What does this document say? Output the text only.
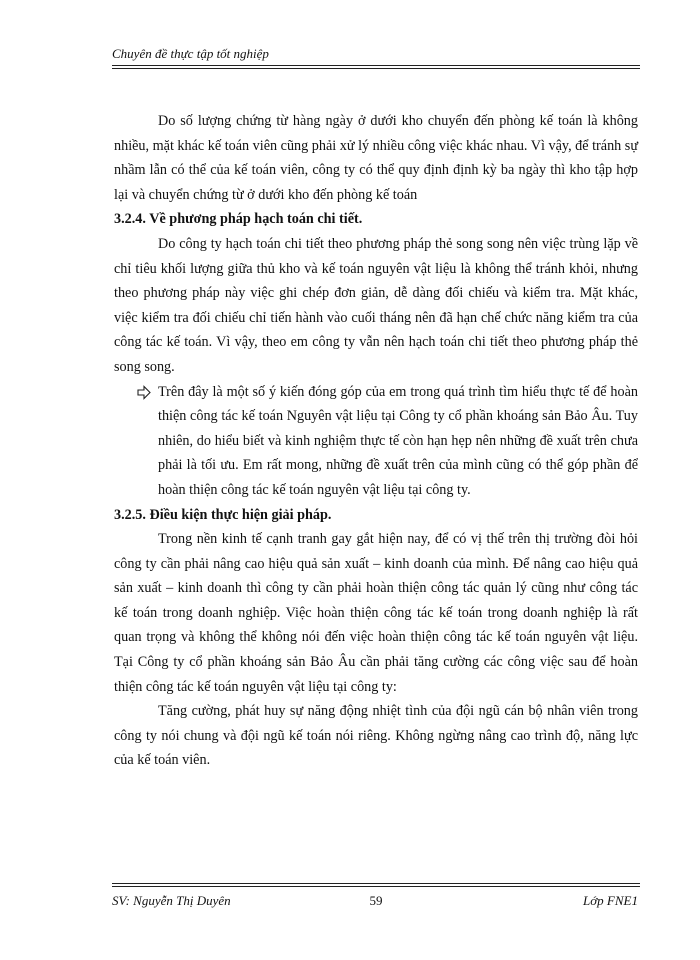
Chuyên đề thực tập tốt nghiệp

Do số lượng chứng từ hàng ngày ở dưới kho chuyển đến phòng kế toán là không nhiều, mặt khác kế toán viên cũng phải xử lý nhiều công việc khác nhau. Vì vậy, để tránh sự nhầm lẫn có thể của kế toán viên, công ty có thể quy định định kỳ ba ngày thì kho tập hợp lại và chuyển chứng từ ở dưới kho đến phòng kế toán

3.2.4. Về phương pháp hạch toán chi tiết.

Do công ty hạch toán chi tiết theo phương pháp thẻ song song nên việc trùng lặp về chỉ tiêu khối lượng giữa thủ kho và kế toán nguyên vật liệu là không thể tránh khỏi, nhưng theo phương pháp này việc ghi chép đơn giản, dễ dàng đối chiếu và kiểm tra. Mặt khác, việc kiểm tra đối chiếu chỉ tiến hành vào cuối tháng nên đã hạn chế chức năng kiểm tra của công tác kế toán. Vì vậy, theo em công ty vẫn nên hạch toán chi tiết theo phương pháp thẻ song song.

Trên đây là một số ý kiến đóng góp của em trong quá trình tìm hiểu thực tế để hoàn thiện công tác kế toán Nguyên vật liệu tại Công ty cổ phần khoáng sản Bảo Âu. Tuy nhiên, do hiểu biết và kinh nghiệm thực tế còn hạn hẹp nên những đề xuất trên chưa phải là tối ưu. Em rất mong, những đề xuất trên của mình cũng có thể góp phần để hoàn thiện công tác kế toán nguyên vật liệu tại công ty.

3.2.5. Điều kiện thực hiện giải pháp.

Trong nền kinh tế cạnh tranh gay gắt hiện nay, để có vị thế trên thị trường đòi hỏi công ty cần phải nâng cao hiệu quả sản xuất – kinh doanh của mình. Để nâng cao hiệu quả sản xuất – kinh doanh thì công ty cần phải hoàn thiện công tác quản lý cũng như công tác kế toán trong doanh nghiệp. Việc hoàn thiện công tác kế toán trong doanh nghiệp là rất quan trọng và không thể không nói đến việc hoàn thiện công tác kế toán nguyên vật liệu. Tại Công ty cổ phần khoáng sản Bảo Âu cần phải tăng cường các công việc sau để hoàn thiện công tác kế toán nguyên vật liệu tại công ty:

Tăng cường, phát huy sự năng động nhiệt tình của đội ngũ cán bộ nhân viên trong công ty nói chung và đội ngũ kế toán nói riêng. Không ngừng nâng cao trình độ, năng lực của kế toán viên.

SV: Nguyễn Thị Duyên	59	Lớp FNE1
